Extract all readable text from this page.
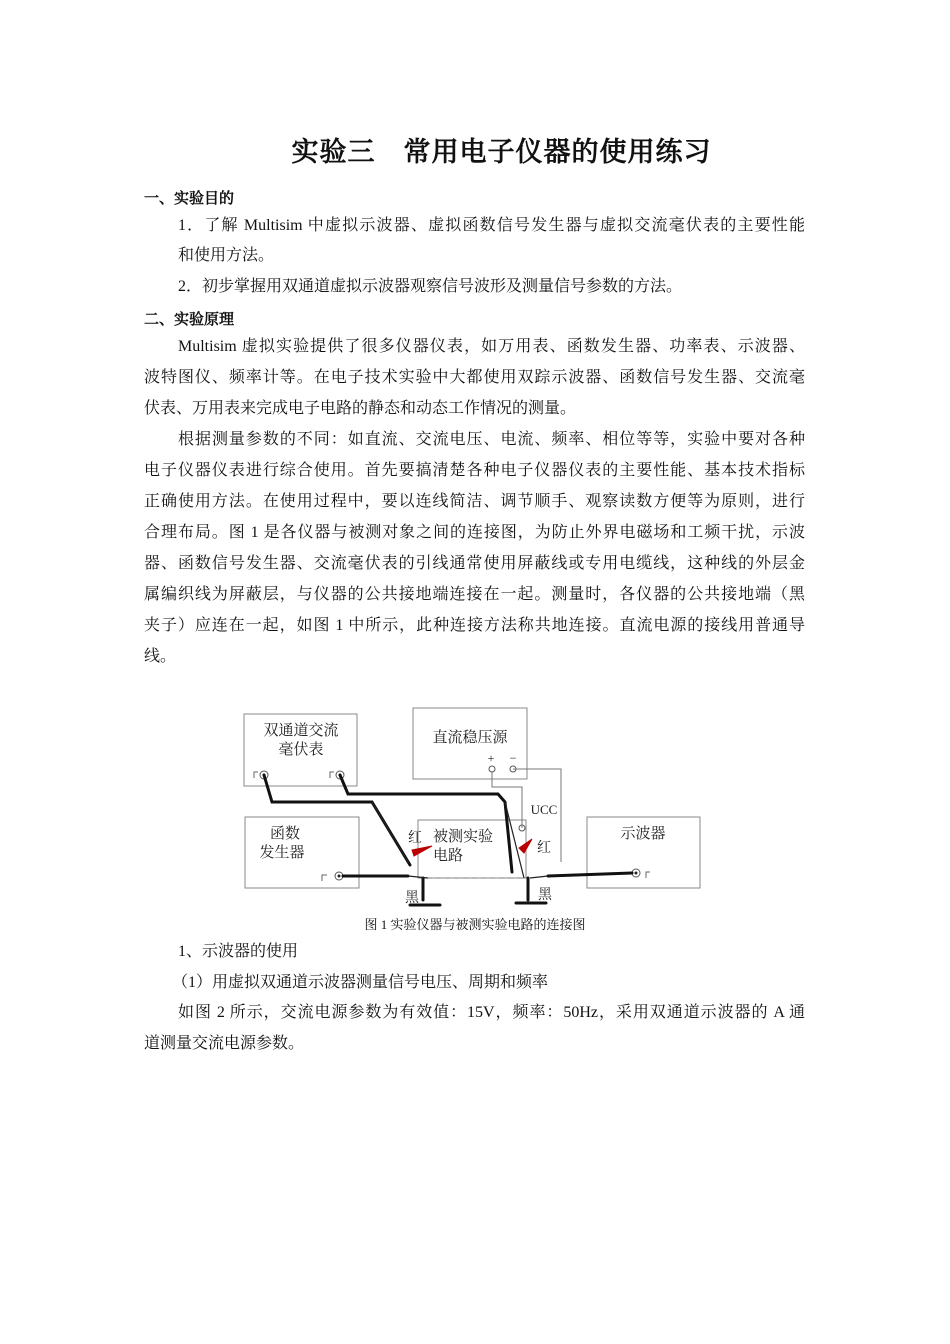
实验三　常用电子仪器的使用练习
一、实验目的
1．了解 Multisim 中虚拟示波器、虚拟函数信号发生器与虚拟交流毫伏表的主要性能
和使用方法。
2．初步掌握用双通道虚拟示波器观察信号波形及测量信号参数的方法。
二、实验原理
Multisim 虚拟实验提供了很多仪器仪表，如万用表、函数发生器、功率表、示波器、
波特图仪、频率计等。在电子技术实验中大都使用双踪示波器、函数信号发生器、交流毫
伏表、万用表来完成电子电路的静态和动态工作情况的测量。
根据测量参数的不同：如直流、交流电压、电流、频率、相位等等，实验中要对各种
电子仪器仪表进行综合使用。首先要搞清楚各种电子仪器仪表的主要性能、基本技术指标
正确使用方法。在使用过程中，要以连线简洁、调节顺手、观察读数方便等为原则，进行
合理布局。图 1 是各仪器与被测对象之间的连接图，为防止外界电磁场和工频干扰，示波
器、函数信号发生器、交流毫伏表的引线通常使用屏蔽线或专用电缆线，这种线的外层金
属编织线为屏蔽层，与仪器的公共接地端连接在一起。测量时，各仪器的公共接地端（黑
夹子）应连在一起，如图 1 中所示，此种连接方法称共地连接。直流电源的接线用普通导
线。
双通道交流
毫伏表
直流稳压源
+ −
函数
发生器
被测实验
电路
示波器
UCC
红
红
黑	黑
图 1 实验仪器与被测实验电路的连接图
1、示波器的使用
（1）用虚拟双通道示波器测量信号电压、周期和频率
如图 2 所示，交流电源参数为有效值：15V，频率：50Hz，采用双通道示波器的 A 通
道测量交流电源参数。
